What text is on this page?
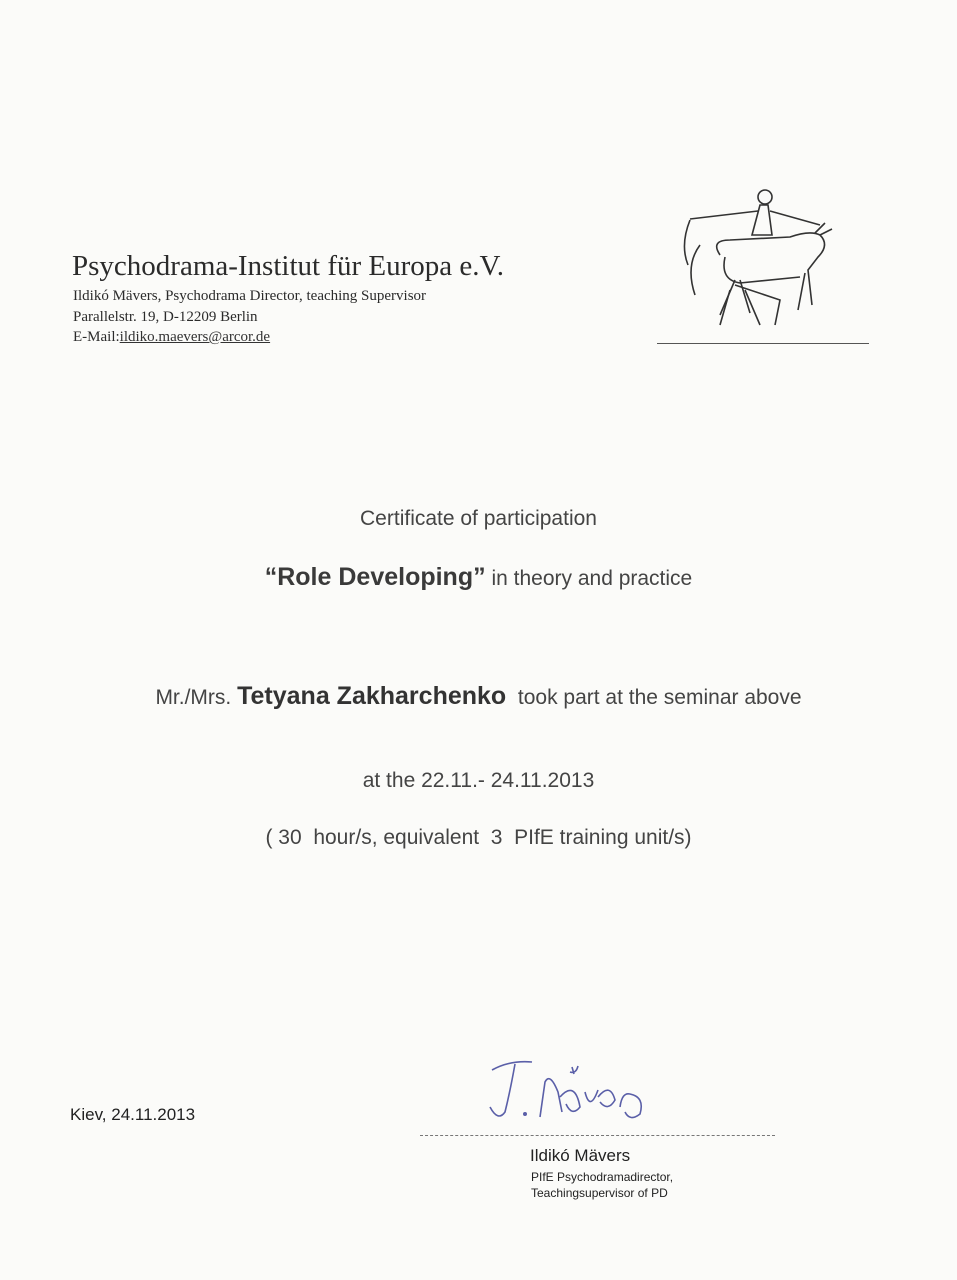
Psychodrama-Institut für Europa e.V.
Ildikó Mävers, Psychodrama Director, teaching Supervisor
Parallelstr. 19, D-12209 Berlin
E-Mail:ildiko.maevers@arcor.de
Certificate of participation
“Role Developing” in theory and practice
Mr./Mrs. Tetyana Zakharchenko took part at the seminar above
at the 22.11.- 24.11.2013
( 30  hour/s, equivalent  3  PIfE training unit/s)
Kiev, 24.11.2013
Ildikó Mävers
PIfE Psychodramadirector,
Teachingsupervisor of PD
